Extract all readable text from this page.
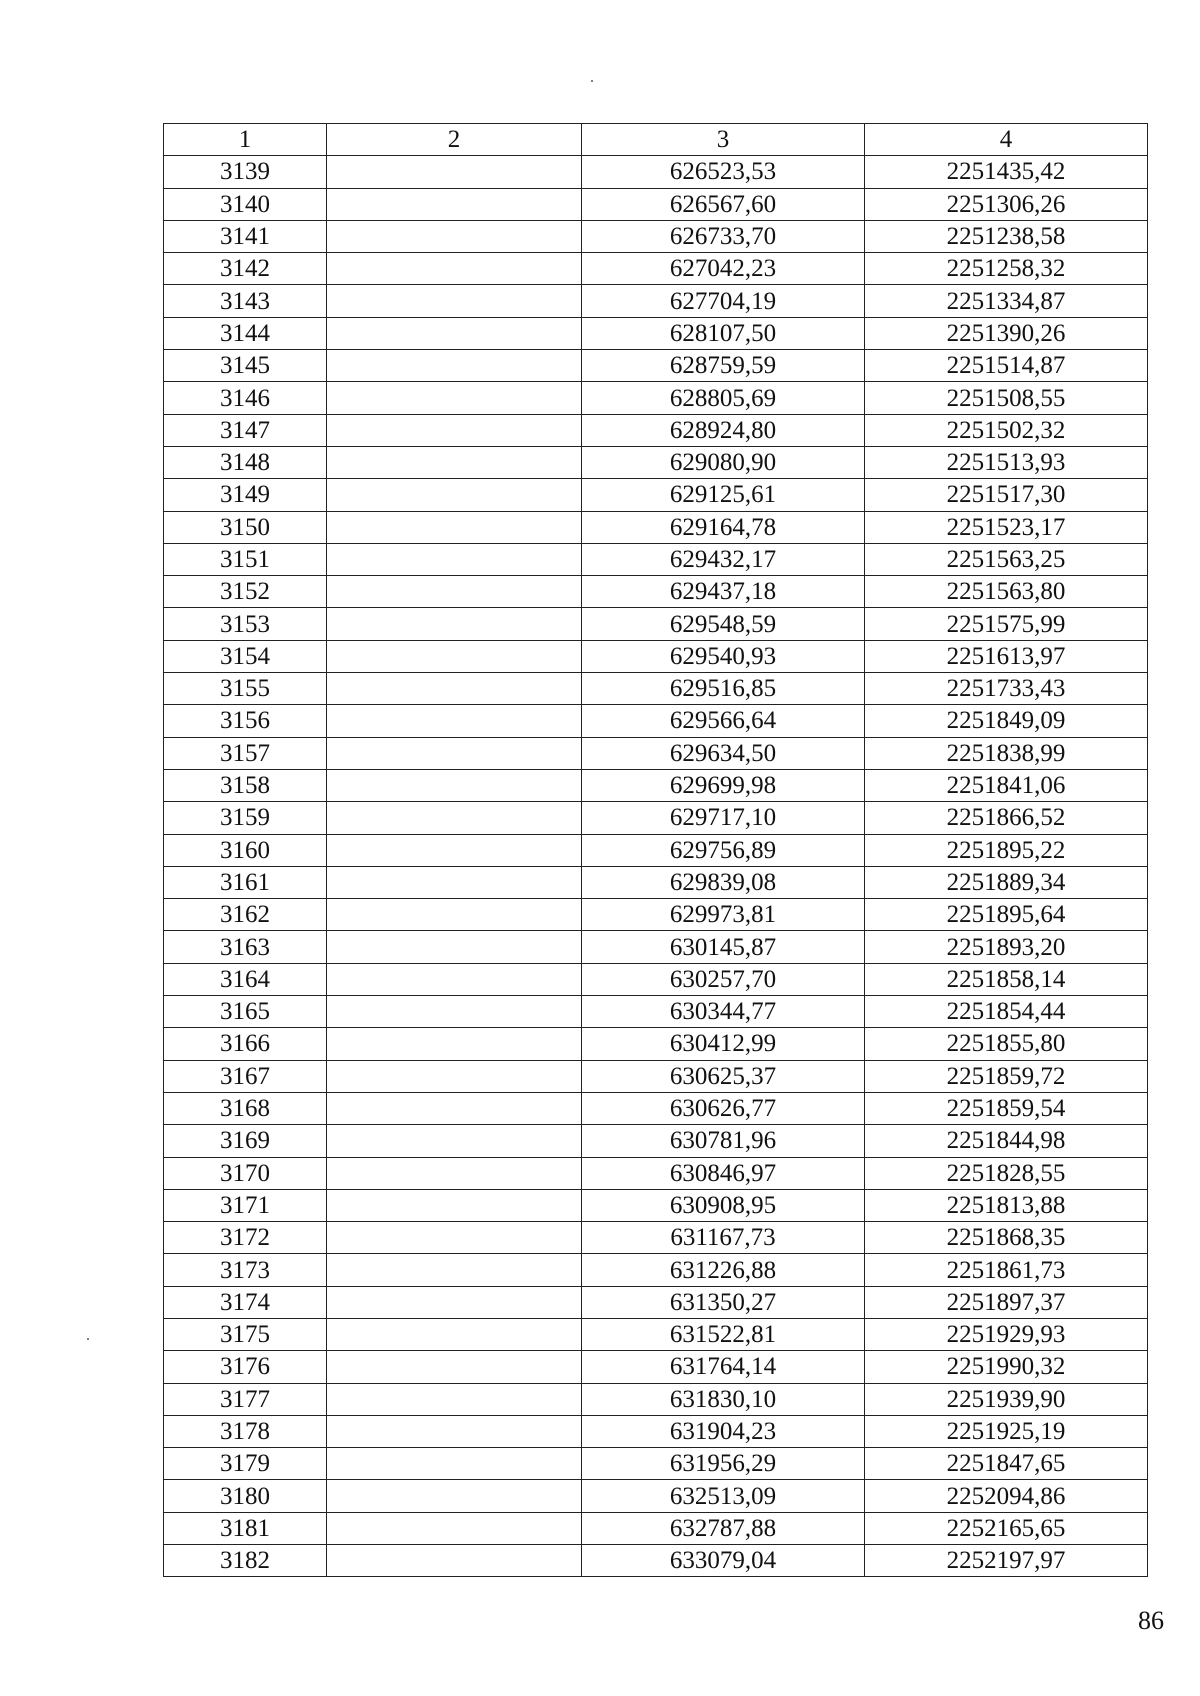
1	2	3	4
3139		626523,53	2251435,42
3140		626567,60	2251306,26
3141		626733,70	2251238,58
3142		627042,23	2251258,32
3143		627704,19	2251334,87
3144		628107,50	2251390,26
3145		628759,59	2251514,87
3146		628805,69	2251508,55
3147		628924,80	2251502,32
3148		629080,90	2251513,93
3149		629125,61	2251517,30
3150		629164,78	2251523,17
3151		629432,17	2251563,25
3152		629437,18	2251563,80
3153		629548,59	2251575,99
3154		629540,93	2251613,97
3155		629516,85	2251733,43
3156		629566,64	2251849,09
3157		629634,50	2251838,99
3158		629699,98	2251841,06
3159		629717,10	2251866,52
3160		629756,89	2251895,22
3161		629839,08	2251889,34
3162		629973,81	2251895,64
3163		630145,87	2251893,20
3164		630257,70	2251858,14
3165		630344,77	2251854,44
3166		630412,99	2251855,80
3167		630625,37	2251859,72
3168		630626,77	2251859,54
3169		630781,96	2251844,98
3170		630846,97	2251828,55
3171		630908,95	2251813,88
3172		631167,73	2251868,35
3173		631226,88	2251861,73
3174		631350,27	2251897,37
3175		631522,81	2251929,93
3176		631764,14	2251990,32
3177		631830,10	2251939,90
3178		631904,23	2251925,19
3179		631956,29	2251847,65
3180		632513,09	2252094,86
3181		632787,88	2252165,65
3182		633079,04	2252197,97
86
